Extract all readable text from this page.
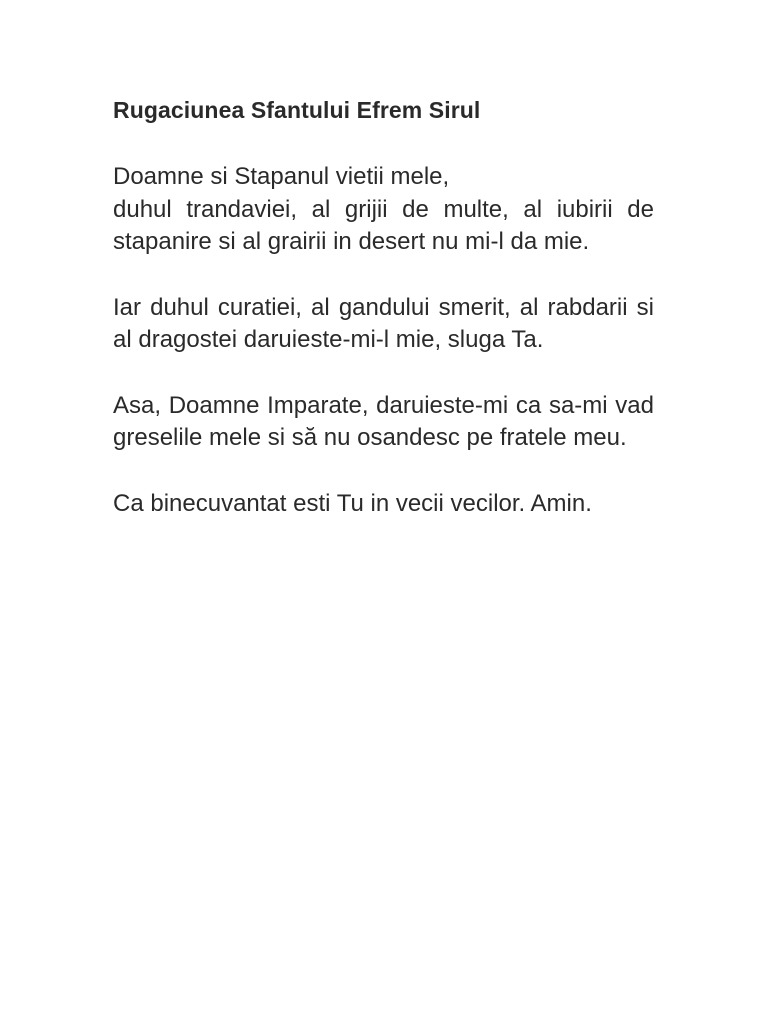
Rugaciunea Sfantului Efrem Sirul
Doamne si Stapanul vietii mele,
duhul trandaviei, al grijii de multe, al iubirii de stapanire si al grairii in desert nu mi-l da mie.
Iar duhul curatiei, al gandului smerit, al rabdarii si al dragostei daruieste-mi-l mie, sluga Ta.
Asa, Doamne Imparate, daruieste-mi ca sa-mi vad greselile mele si să nu osandesc pe fratele meu.
Ca binecuvantat esti Tu in vecii vecilor. Amin.
